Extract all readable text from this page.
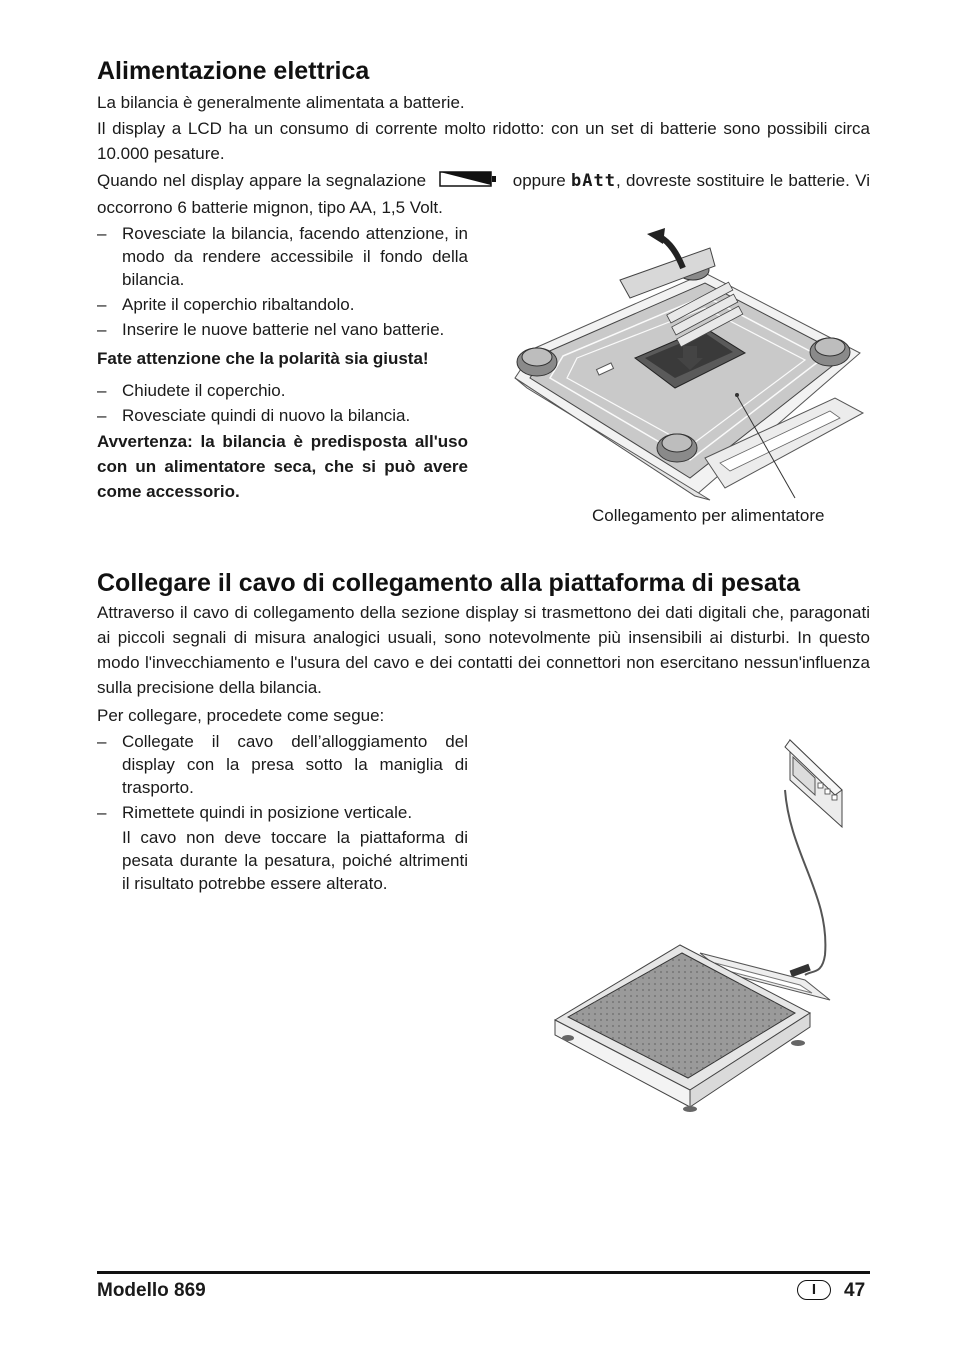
Alimentazione elettrica

La bilancia è generalmente alimentata a batterie.

Il display a LCD ha un consumo di corrente molto ridotto: con un set di batterie sono possibili circa 10.000 pesature.

Quando nel display appare la segnalazione	oppure bAtt, dovreste sostituire le batterie. Vi occorrono 6 batterie mignon, tipo AA, 1,5 Volt.

– Rovesciate la bilancia, facendo attenzione, in modo da rendere accessibile il fondo della bilancia.
– Aprite il coperchio ribaltandolo.
– Inserire le nuove batterie nel vano batterie.

Fate attenzione che la polarità sia giusta!

– Chiudete il coperchio.
– Rovesciate quindi di nuovo la bilancia.

Avvertenza: la bilancia è predisposta all'uso con un alimentatore seca, che si può avere come accessorio.

Collegamento per alimentatore

Collegare il cavo di collegamento alla piattaforma di pesata

Attraverso il cavo di collegamento della sezione display si trasmettono dei dati digitali che, paragonati ai piccoli segnali di misura analogici usuali, sono notevolmente più insensibili ai disturbi. In questo modo l'invecchiamento e l'usura del cavo e dei contatti dei connettori non esercitano nessun'influenza sulla precisione della bilancia.

Per collegare, procedete come segue:

– Collegate il cavo dell’alloggiamento del display con la presa sotto la maniglia di trasporto.
– Rimettete quindi in posizione verticale.

Il cavo non deve toccare la piattaforma di pesata durante la pesatura, poiché altrimenti il risultato potrebbe essere alterato.

Modello 869	I	47
